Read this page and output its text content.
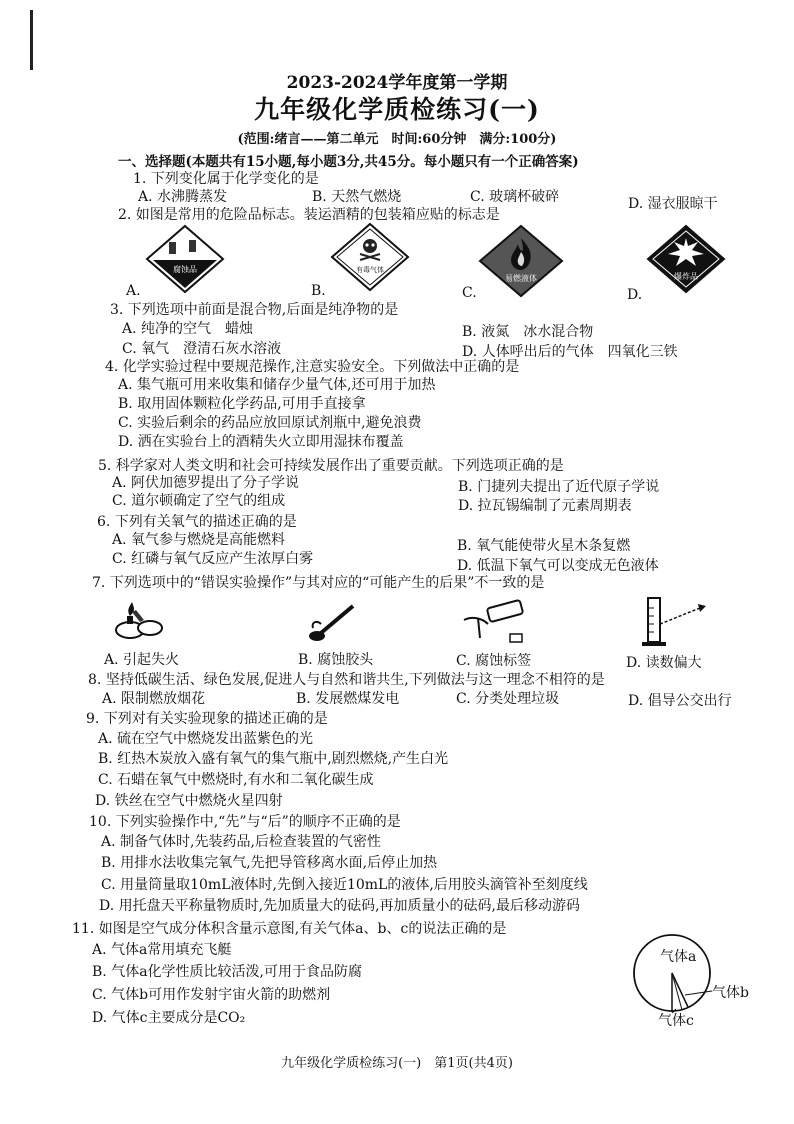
2023-2024学年度第一学期
九年级化学质检练习(一)
(范围:绪言——第二单元　时间:60分钟　满分:100分)
一、选择题(本题共有15小题,每小题3分,共45分。每小题只有一个正确答案)
1. 下列变化属于化学变化的是
A. 水沸腾蒸发	B. 天然气燃烧	C. 玻璃杯破碎	D. 湿衣服晾干
2. 如图是常用的危险品标志。装运酒精的包装箱应贴的标志是
腐蚀品
A.
有毒气体
B.
易燃液体
C.
爆炸品
D.
3. 下列选项中前面是混合物,后面是纯净物的是
A. 纯净的空气　蜡烛	B. 液氮　冰水混合物
C. 氧气　澄清石灰水溶液	D. 人体呼出后的气体　四氧化三铁
4. 化学实验过程中要规范操作,注意实验安全。下列做法中正确的是
A. 集气瓶可用来收集和储存少量气体,还可用于加热
B. 取用固体颗粒化学药品,可用手直接拿
C. 实验后剩余的药品应放回原试剂瓶中,避免浪费
D. 洒在实验台上的酒精失火立即用湿抹布覆盖
5. 科学家对人类文明和社会可持续发展作出了重要贡献。下列选项正确的是
A. 阿伏加德罗提出了分子学说	B. 门捷列夫提出了近代原子学说
C. 道尔顿确定了空气的组成	D. 拉瓦锡编制了元素周期表
6. 下列有关氧气的描述正确的是
A. 氧气参与燃烧是高能燃料	B. 氧气能使带火星木条复燃
C. 红磷与氧气反应产生浓厚白雾	D. 低温下氧气可以变成无色液体
7. 下列选项中的“错误实验操作”与其对应的“可能产生的后果”不一致的是
A. 引起失火	B. 腐蚀胶头	C. 腐蚀标签	D. 读数偏大
8. 坚持低碳生活、绿色发展,促进人与自然和谐共生,下列做法与这一理念不相符的是
A. 限制燃放烟花	B. 发展燃煤发电	C. 分类处理垃圾	D. 倡导公交出行
9. 下列对有关实验现象的描述正确的是
A. 硫在空气中燃烧发出蓝紫色的光
B. 红热木炭放入盛有氧气的集气瓶中,剧烈燃烧,产生白光
C. 石蜡在氧气中燃烧时,有水和二氧化碳生成
D. 铁丝在空气中燃烧火星四射
10. 下列实验操作中,“先”与“后”的顺序不正确的是
A. 制备气体时,先装药品,后检查装置的气密性
B. 用排水法收集完氧气,先把导管移离水面,后停止加热
C. 用量筒量取10mL液体时,先倒入接近10mL的液体,后用胶头滴管补至刻度线
D. 用托盘天平称量物质时,先加质量大的砝码,再加质量小的砝码,最后移动游码
11. 如图是空气成分体积含量示意图,有关气体a、b、c的说法正确的是
A. 气体a常用填充飞艇
B. 气体a化学性质比较活泼,可用于食品防腐
C. 气体b可用作发射宇宙火箭的助燃剂
D. 气体c主要成分是CO₂
气体a
气体b
气体c
九年级化学质检练习(一)　第1页(共4页)
